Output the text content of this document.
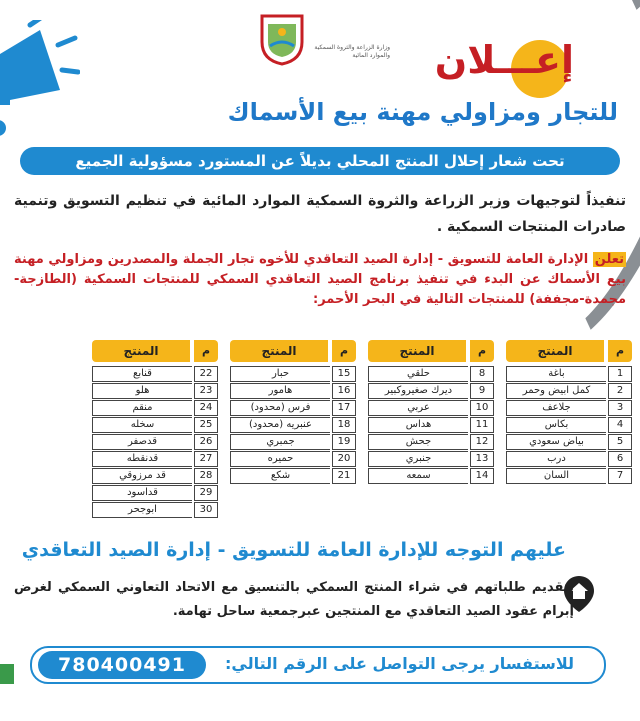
وزارة الزراعة والثروة السمكية
والموارد المائية إعـــلان
للتجار ومزاولي مهنة بيع الأسماك
تحت شعار إحلال المنتج المحلي بديلاً عن المستورد مسؤولية الجميع
تنفيذاً لتوجيهات وزير الزراعة والثروة السمكية الموارد المائية في تنظيم التسويق وتنمية صادرات المنتجات السمكية .
تعلن الإدارة العامة للتسويق - إدارة الصيد التعاقدي للأخوه تجار الجملة والمصدرين ومزاولي مهنة بيع الأسماك عن البدء في تنفيذ برنامج الصيد التعاقدي السمكي للمنتجات السمكية (الطازجة-مجمدة-مجففة) للمنتجات التالية في البحر الأحمر:
م
المنتج
1
باغة
2
كمل ابيض وحمر
3
جلاعف
4
بكاس
5
بياض سعودي
6
درب
7
السان
م
المنتج
8
حلقي
9
ديرك صغيروكبير
10
عربي
11
هداس
12
جحش
13
جنبري
14
سمعه
م
المنتج
15
حبار
16
هامور
17
فرس (محدود)
18
عنبريه (محدود)
19
جمبري
20
حميره
21
شكع
م
المنتج
22
قنابع
23
هلو
24
منقم
25
سخله
26
قدصفر
27
قدنقطه
28
قد مرزوقي
29
قداسود
30
ابوجحر
عليهم التوجه للإدارة العامة للتسويق - إدارة الصيد التعاقدي
لتقديم طلباتهم في شراء المنتج السمكي بالتنسيق مع الاتحاد التعاوني السمكي لغرض إبرام عقود الصيد التعاقدي مع المنتجين عبرجمعية ساحل تهامة.
للاستفسار يرجى التواصل على الرقم التالي:
780400491
